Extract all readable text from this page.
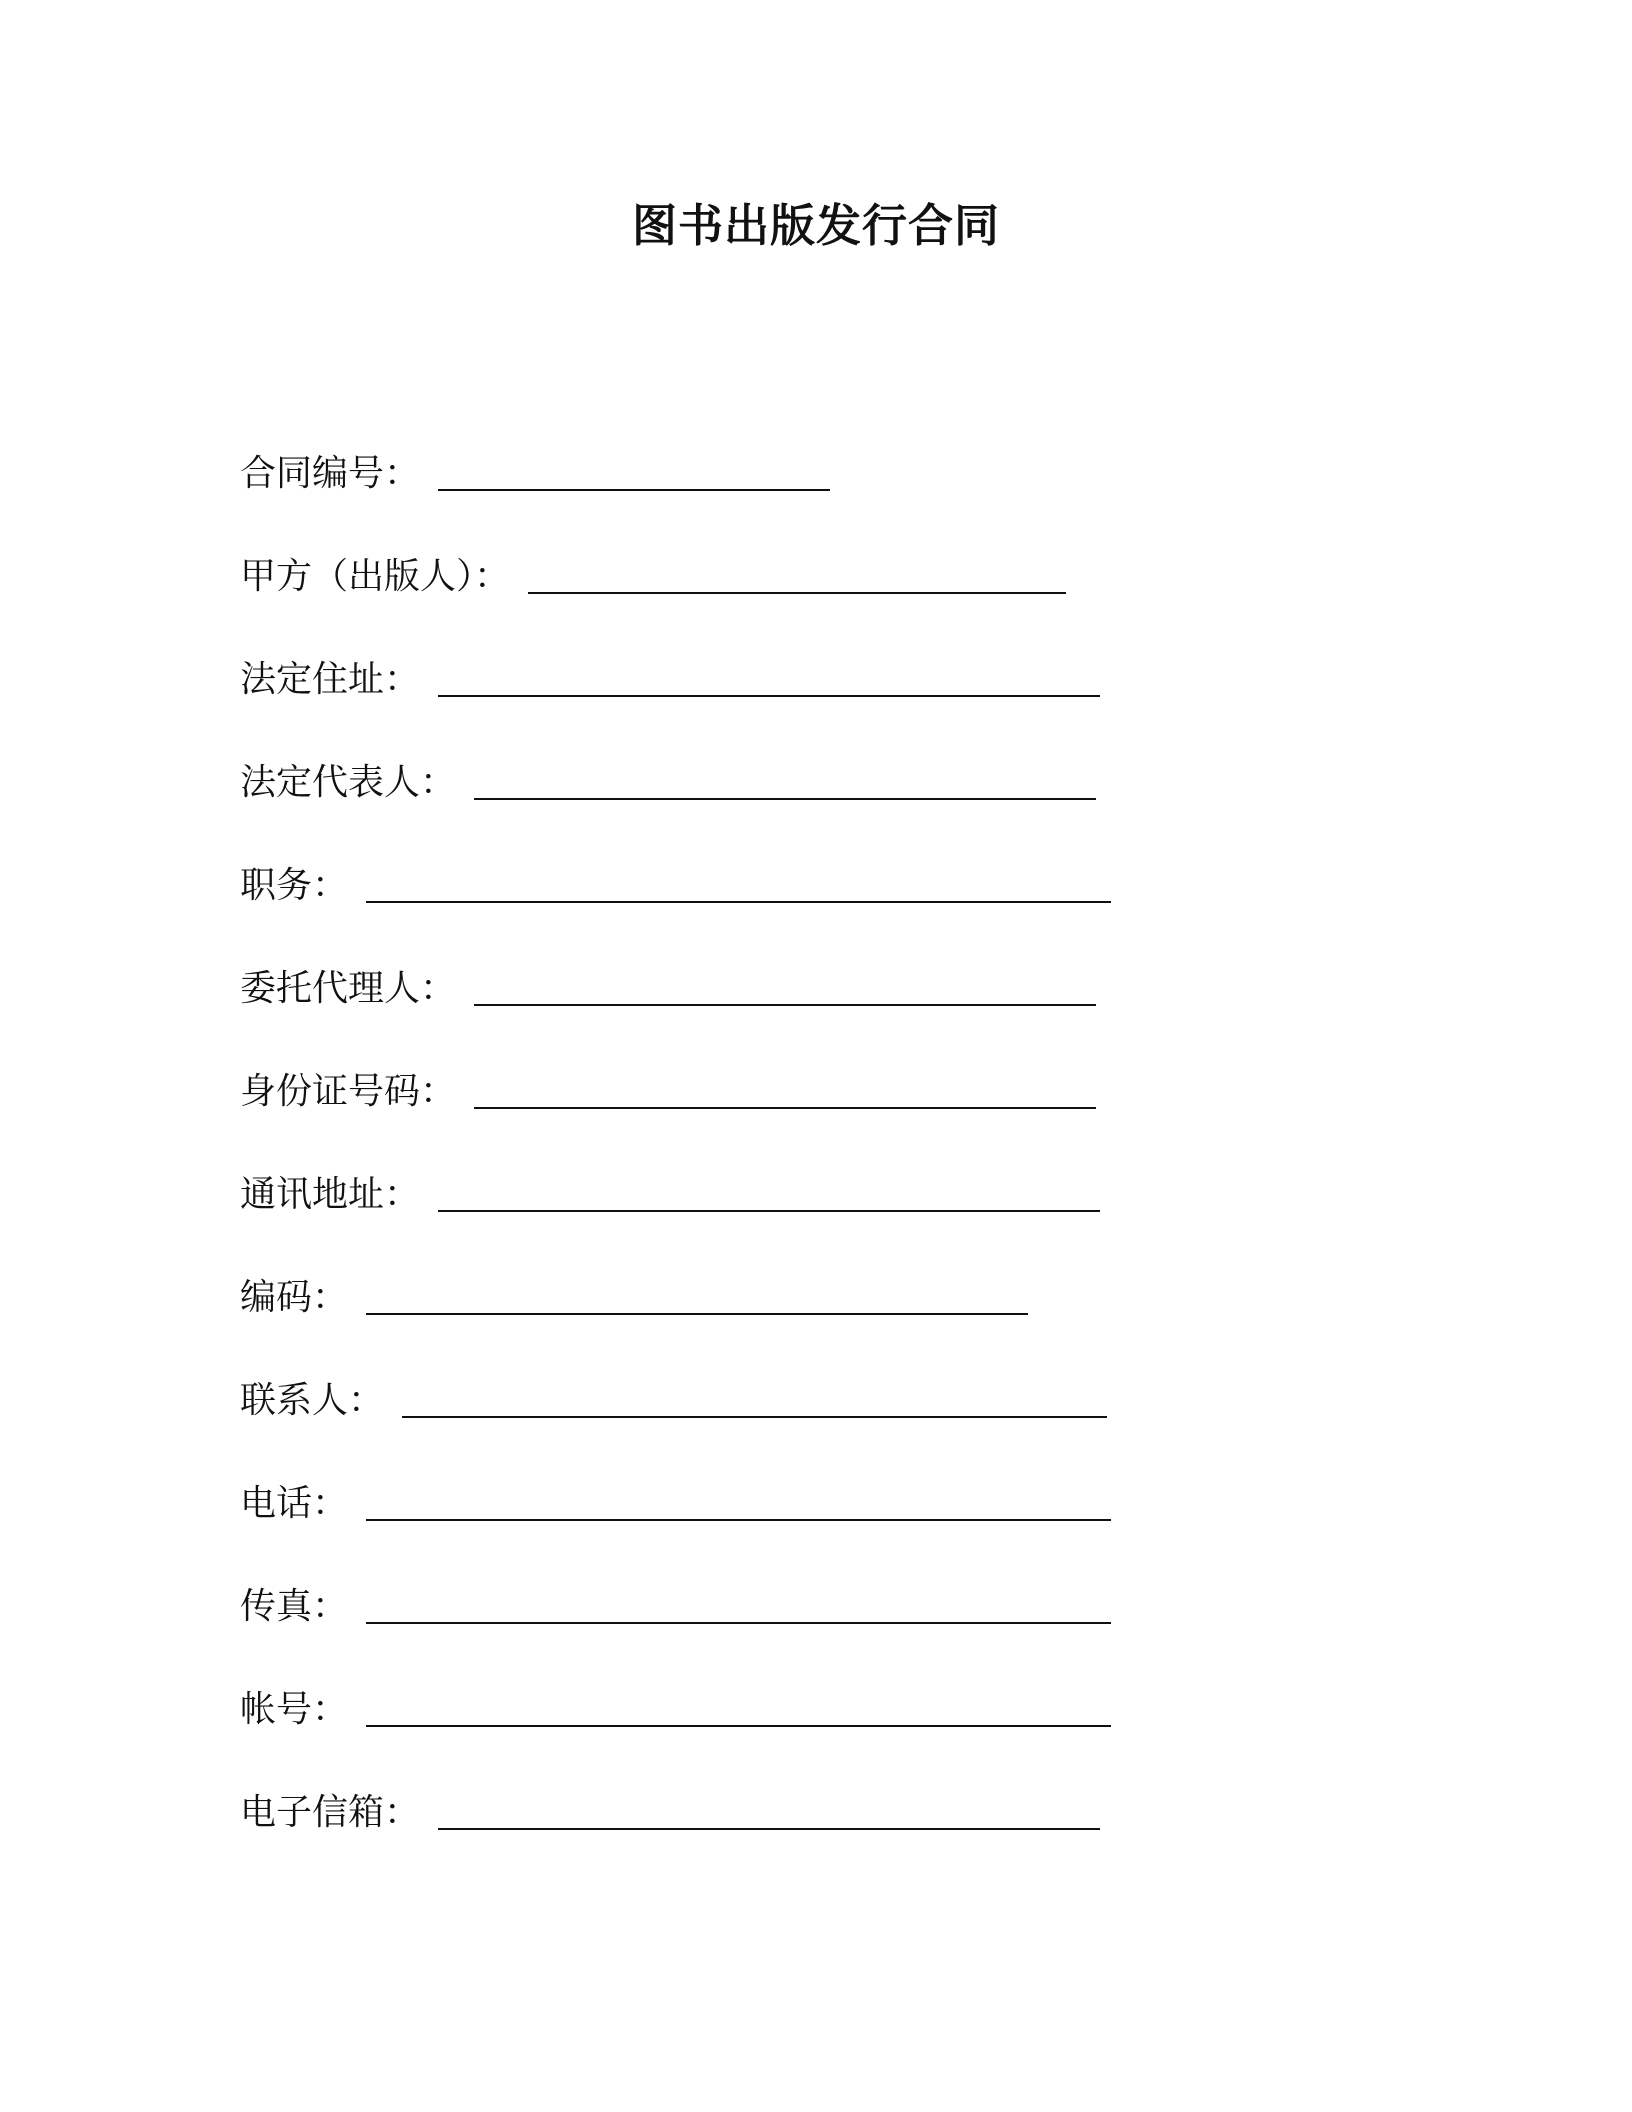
图书出版发行合同
合同编号：
甲方（出版人）：
法定住址：
法定代表人：
职务：
委托代理人：
身份证号码：
通讯地址：
编码：
联系人：
电话：
传真：
帐号：
电子信箱：
